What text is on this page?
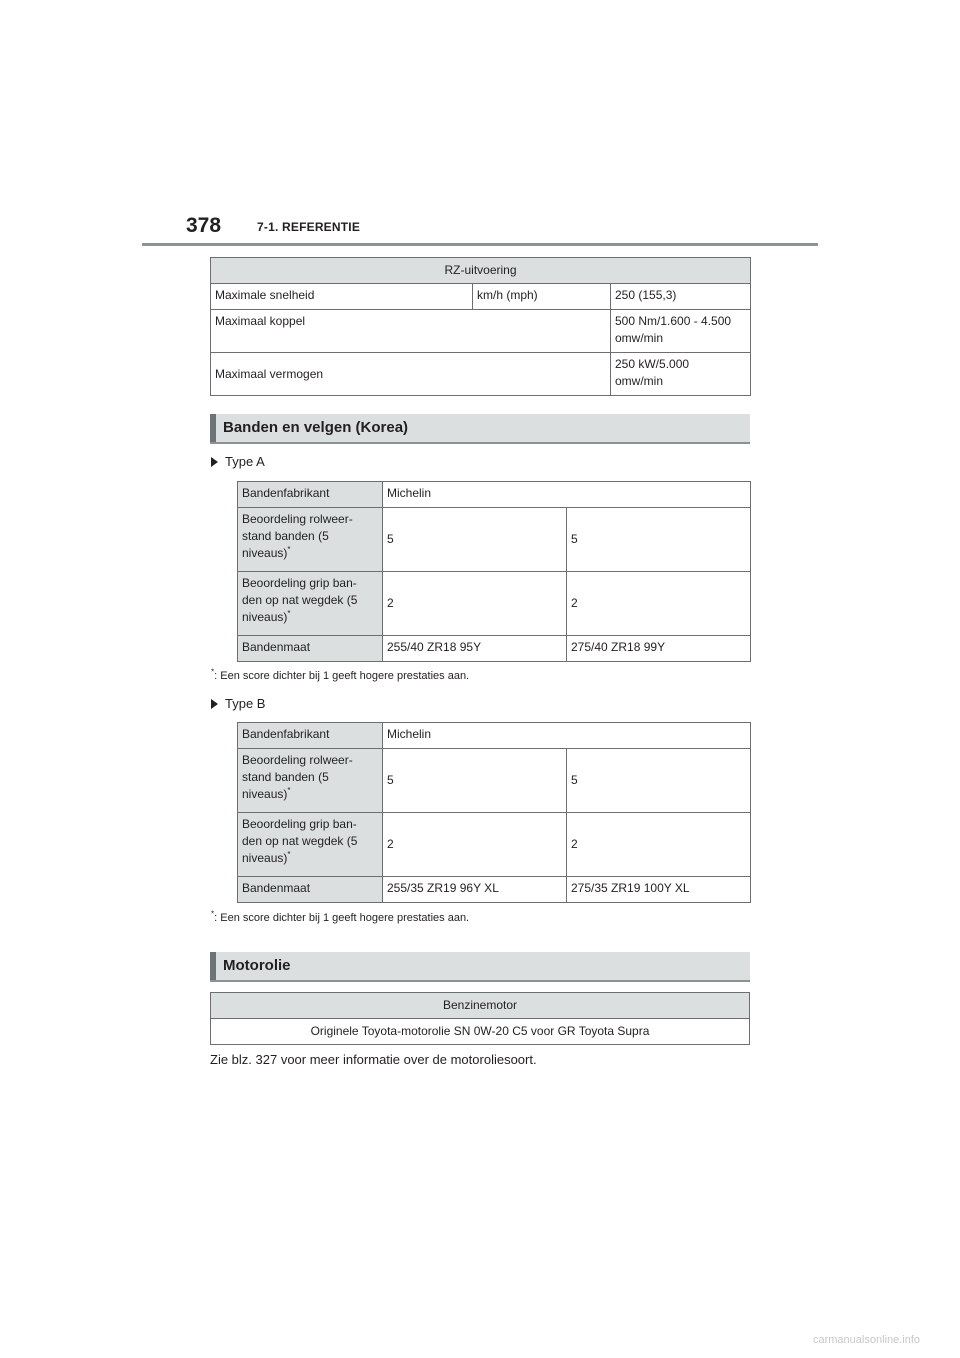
378	7-1. REFERENTIE
RZ-uitvoering		
Maximale snelheid	km/h (mph)	250 (155,3)
Maximaal koppel		500 Nm/1.600 - 4.500
omw/min
Maximaal vermogen		250 kW/5.000
omw/min
Banden en velgen (Korea)
Type A
Bandenfabrikant	Michelin	
Beoordeling rolweer-
stand banden (5
niveaus)*	5	5
Beoordeling grip ban-
den op nat wegdek (5
niveaus)*	2	2
Bandenmaat	255/40 ZR18 95Y	275/40 ZR18 99Y
*: Een score dichter bij 1 geeft hogere prestaties aan.
Type B
Bandenfabrikant	Michelin	
Beoordeling rolweer-
stand banden (5
niveaus)*	5	5
Beoordeling grip ban-
den op nat wegdek (5
niveaus)*	2	2
Bandenmaat	255/35 ZR19 96Y XL	275/35 ZR19 100Y XL
*: Een score dichter bij 1 geeft hogere prestaties aan.
Motorolie
Benzinemotor
Originele Toyota-motorolie SN 0W-20 C5 voor GR Toyota Supra
Zie blz. 327 voor meer informatie over de motoroliesoort.
carmanualsonline.info
